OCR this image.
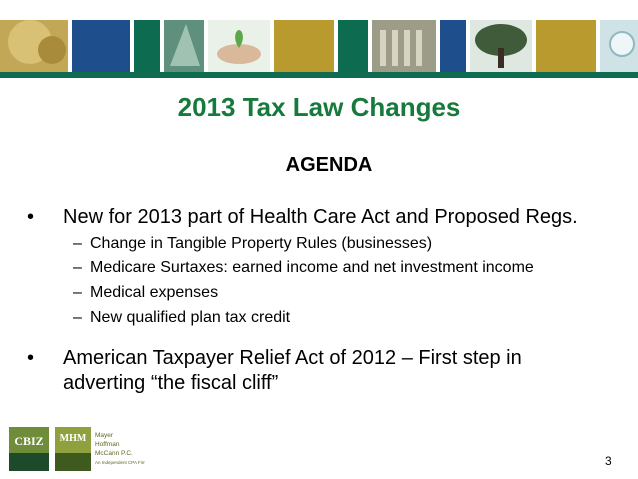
2013 Tax Law Changes
AGENDA
• New for 2013 part of Health Care Act and Proposed Regs.
– Change in Tangible Property Rules (businesses)
– Medicare Surtaxes: earned income and net investment income
– Medical expenses
– New qualified plan tax credit
• American Taxpayer Relief Act of 2012 – First step in
adverting “the fiscal cliff”
CBIZ MHM Mayer
Hoffman
McCann P.C.
An Independent CPA Firm	3
